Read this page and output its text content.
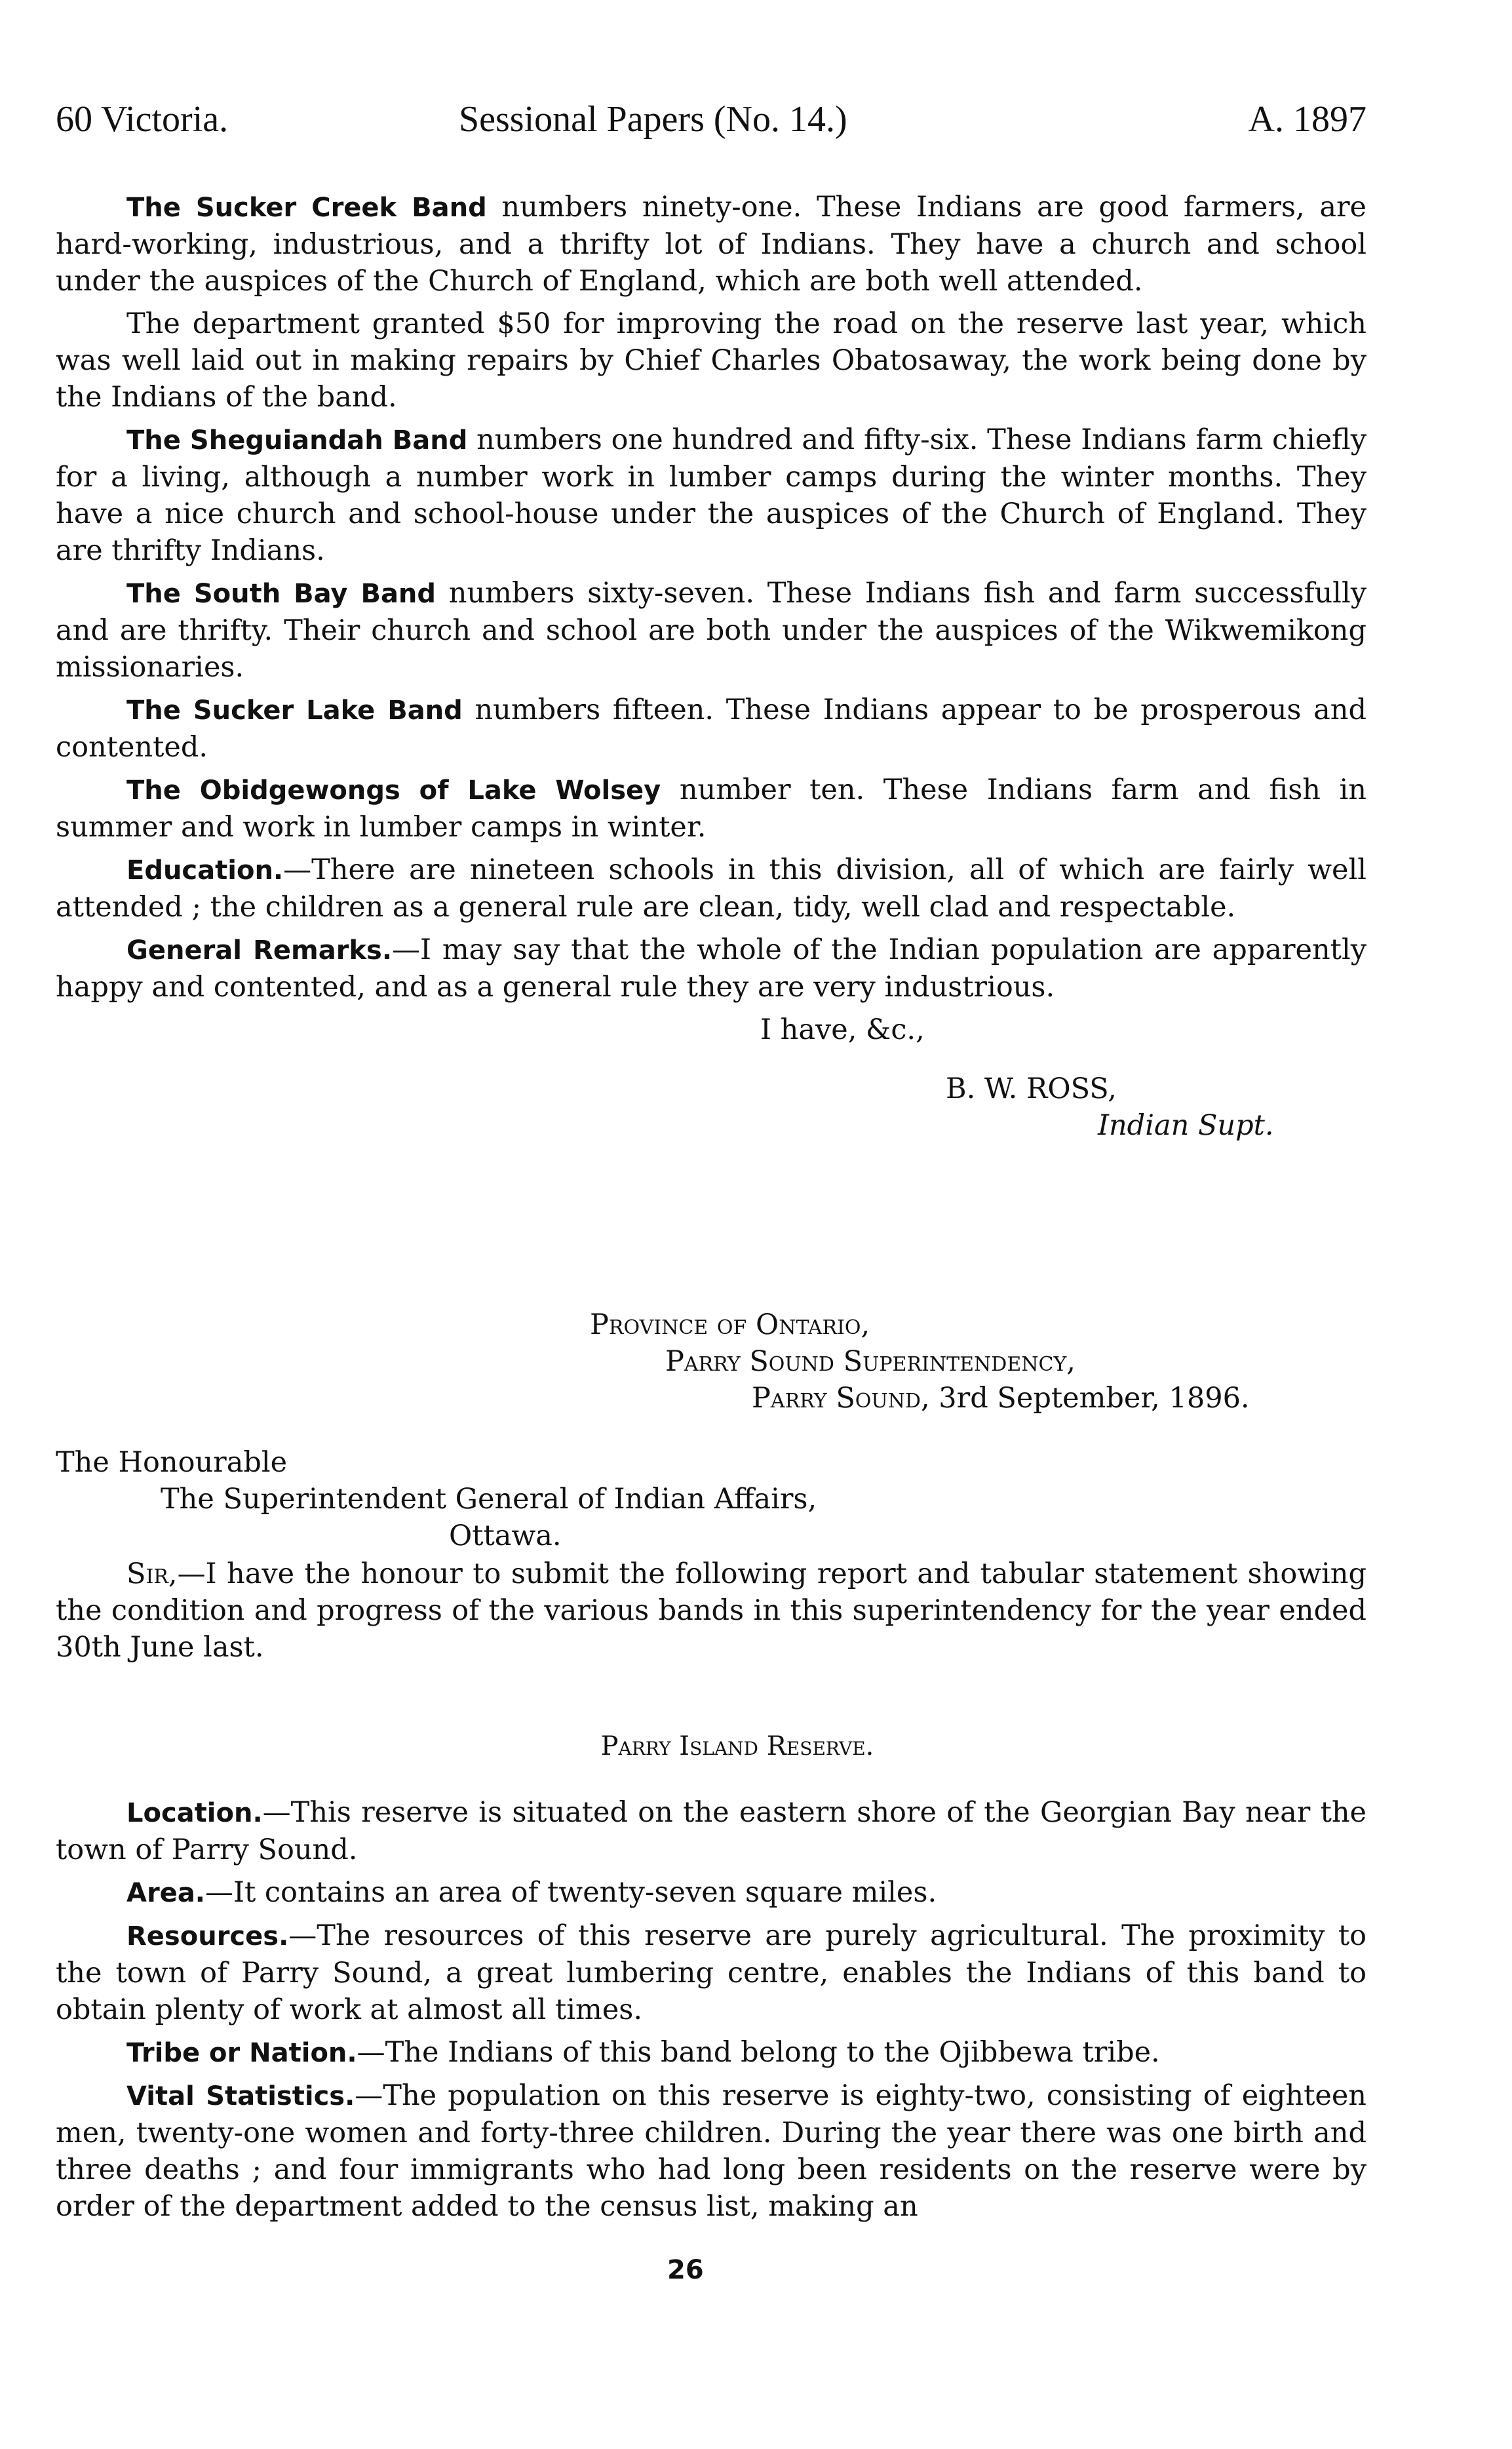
60 Victoria.	Sessional Papers (No. 14.)	A. 1897

The Sucker Creek Band numbers ninety-one. These Indians are good farmers, are hard-working, industrious, and a thrifty lot of Indians. They have a church and school under the auspices of the Church of England, which are both well attended.

The department granted $50 for improving the road on the reserve last year, which was well laid out in making repairs by Chief Charles Obatosaway, the work being done by the Indians of the band.

The Sheguiandah Band numbers one hundred and fifty-six. These Indians farm chiefly for a living, although a number work in lumber camps during the winter months. They have a nice church and school-house under the auspices of the Church of England. They are thrifty Indians.

The South Bay Band numbers sixty-seven. These Indians fish and farm successfully and are thrifty. Their church and school are both under the auspices of the Wikwemikong missionaries.

The Sucker Lake Band numbers fifteen. These Indians appear to be prosperous and contented.

The Obidgewongs of Lake Wolsey number ten. These Indians farm and fish in summer and work in lumber camps in winter.

Education.—There are nineteen schools in this division, all of which are fairly well attended ; the children as a general rule are clean, tidy, well clad and respectable.

General Remarks.—I may say that the whole of the Indian population are apparently happy and contented, and as a general rule they are very industrious.

I have, &c.,
B. W. ROSS,
Indian Supt.
Province of Ontario,
Parry Sound Superintendency,
Parry Sound, 3rd September, 1896.
The Honourable
The Superintendent General of Indian Affairs,
Ottawa.

Sir,—I have the honour to submit the following report and tabular statement showing the condition and progress of the various bands in this superintendency for the year ended 30th June last.

Parry Island Reserve.

Location.—This reserve is situated on the eastern shore of the Georgian Bay near the town of Parry Sound.

Area.—It contains an area of twenty-seven square miles.

Resources.—The resources of this reserve are purely agricultural. The proximity to the town of Parry Sound, a great lumbering centre, enables the Indians of this band to obtain plenty of work at almost all times.

Tribe or Nation.—The Indians of this band belong to the Ojibbewa tribe.

Vital Statistics.—The population on this reserve is eighty-two, consisting of eighteen men, twenty-one women and forty-three children. During the year there was one birth and three deaths ; and four immigrants who had long been residents on the reserve were by order of the department added to the census list, making an

26
